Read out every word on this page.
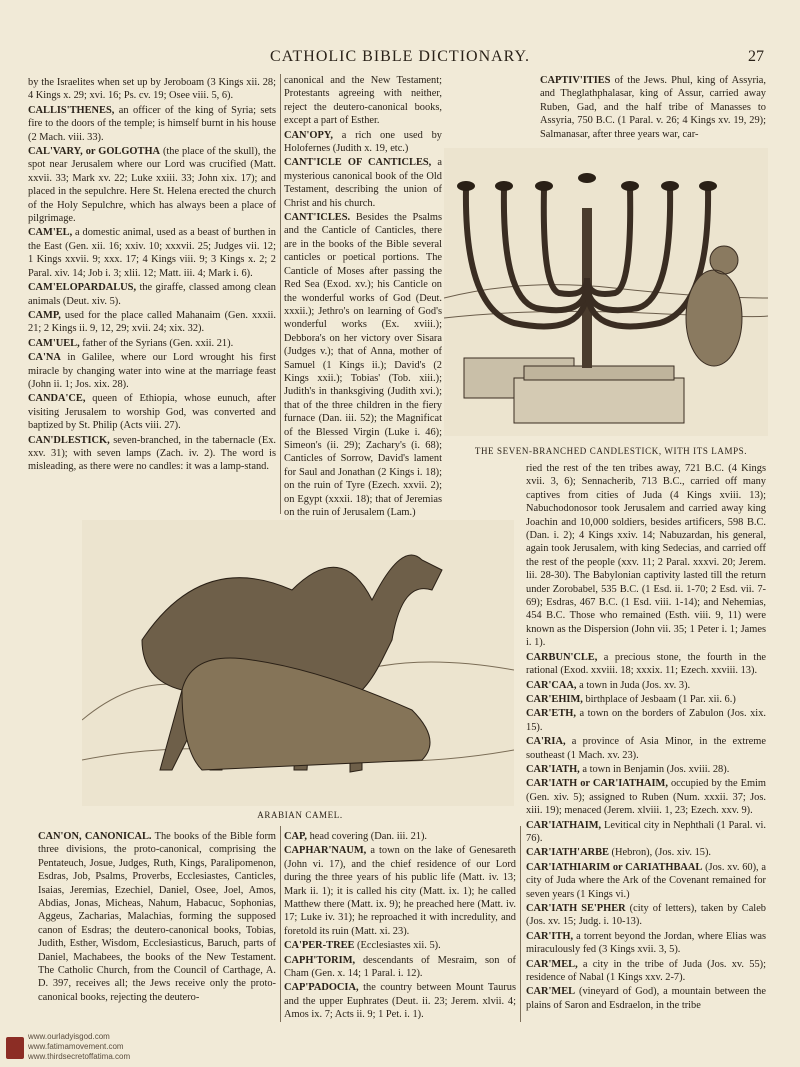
CATHOLIC BIBLE DICTIONARY.	27

by the Israelites when set up by Jeroboam (3 Kings xii. 28; 4 Kings x. 29; xvi. 16; Ps. cv. 19; Osee viii. 5, 6).

CALLIS'THENES, an officer of the king of Syria; sets fire to the doors of the temple; is himself burnt in his house (2 Mach. viii. 33).

CAL'VARY, or GOLGOTHA (the place of the skull), the spot near Jerusalem where our Lord was crucified (Matt. xxvii. 33; Mark xv. 22; Luke xxiii. 33; John xix. 17); and placed in the sepulchre. Here St. Helena erected the church of the Holy Sepulchre, which has always been a place of pilgrimage.

CAM'EL, a domestic animal, used as a beast of burthen in the East (Gen. xii. 16; xxiv. 10; xxxvii. 25; Judges vii. 12; 1 Kings xxvii. 9; xxx. 17; 4 Kings viii. 9; 3 Kings x. 2; 2 Paral. xiv. 14; Job i. 3; xlii. 12; Matt. iii. 4; Mark i. 6).

CAM'ELOPARDALUS, the giraffe, classed among clean animals (Deut. xiv. 5).

CAMP, used for the place called Mahanaim (Gen. xxxii. 21; 2 Kings ii. 9, 12, 29; xvii. 24; xix. 32).

CAM'UEL, father of the Syrians (Gen. xxii. 21).

CA'NA in Galilee, where our Lord wrought his first miracle by changing water into wine at the marriage feast (John ii. 1; Jos. xix. 28).

CANDA'CE, queen of Ethiopia, whose eunuch, after visiting Jerusalem to worship God, was converted and baptized by St. Philip (Acts viii. 27).

CAN'DLESTICK, seven-branched, in the tabernacle (Ex. xxv. 31); with seven lamps (Zach. iv. 2). The word is misleading, as there were no candles: it was a lamp-stand.

canonical and the New Testament; Protestants agreeing with neither, reject the deutero-canonical books, except a part of Esther.

CAN'OPY, a rich one used by Holofernes (Judith x. 19, etc.)

CANT'ICLE OF CANTICLES, a mysterious canonical book of the Old Testament, describing the union of Christ and his church.

CANT'ICLES. Besides the Psalms and the Canticle of Canticles, there are in the books of the Bible several canticles or poetical portions. The Canticle of Moses after passing the Red Sea (Exod. xv.); his Canticle on the wonderful works of God (Deut. xxxii.); Jethro's on learning of God's wonderful works (Ex. xviii.); Debbora's on her victory over Sisara (Judges v.); that of Anna, mother of Samuel (1 Kings ii.); David's (2 Kings xxii.); Tobias' (Tob. xiii.); Judith's in thanksgiving (Judith xvi.); that of the three children in the fiery furnace (Dan. iii. 52); the Magnificat of the Blessed Virgin (Luke i. 46); Simeon's (ii. 29); Zachary's (i. 68); Canticles of Sorrow, David's lament for Saul and Jonathan (2 Kings i. 18); on the ruin of Tyre (Ezech. xxvii. 2); on Egypt (xxxii. 18); that of Jeremias on the ruin of Jerusalem (Lam.)

CAPTIV'ITIES of the Jews. Phul, king of Assyria, and Theglathphalasar, king of Assur, carried away Ruben, Gad, and the half tribe of Manasses to Assyria, 750 B.C. (1 Paral. v. 26; 4 Kings xv. 19, 29); Salmanasar, after three years war, car-

ried the rest of the ten tribes away, 721 B.C. (4 Kings xvii. 3, 6); Sennacherib, 713 B.C., carried off many captives from cities of Juda (4 Kings xviii. 13); Nabuchodonosor took Jerusalem and carried away king Joachin and 10,000 soldiers, besides artificers, 598 B.C. (Dan. i. 2); 4 Kings xxiv. 14; Nabuzardan, his general, again took Jerusalem, with king Sedecias, and carried off the rest of the people (xxv. 11; 2 Paral. xxxvi. 20; Jerem. lii. 28-30). The Babylonian captivity lasted till the return under Zorobabel, 535 B.C. (1 Esd. ii. 1-70; 2 Esd. vii. 7-69); Esdras, 467 B.C. (1 Esd. viii. 1-14); and Nehemias, 454 B.C. Those who remained (Esth. viii. 9, 11) were known as the Dispersion (John vii. 35; 1 Peter i. 1; James i. 1).

CARBUN'CLE, a precious stone, the fourth in the rational (Exod. xxviii. 18; xxxix. 11; Ezech. xxviii. 13).

CAR'CAA, a town in Juda (Jos. xv. 3).

CAR'EHIM, birthplace of Jesbaam (1 Par. xii. 6.)

CAR'ETH, a town on the borders of Zabulon (Jos. xix. 15).

CA'RIA, a province of Asia Minor, in the extreme southeast (1 Mach. xv. 23).

CAR'IATH, a town in Benjamin (Jos. xviii. 28).

CAR'IATH or CAR'IATHAIM, occupied by the Emim (Gen. xiv. 5); assigned to Ruben (Num. xxxii. 37; Jos. xiii. 19); menaced (Jerem. xlviii. 1, 23; Ezech. xxv. 9).

CAR'IATHAIM, Levitical city in Nephthali (1 Paral. vi. 76).

CAR'IATH'ARBE (Hebron), (Jos. xiv. 15).

CAR'IATHIARIM or CARIATHBAAL (Jos. xv. 60), a city of Juda where the Ark of the Covenant remained for seven years (1 Kings vi.)

CAR'IATH SE'PHER (city of letters), taken by Caleb (Jos. xv. 15; Judg. i. 10-13).

CAR'ITH, a torrent beyond the Jordan, where Elias was miraculously fed (3 Kings xvii. 3, 5).

CAR'MEL, a city in the tribe of Juda (Jos. xv. 55); residence of Nabal (1 Kings xxv. 2-7).

CAR'MEL (vineyard of God), a mountain between the plains of Saron and Esdraelon, in the tribe

CAN'ON, CANONICAL. The books of the Bible form three divisions, the proto-canonical, comprising the Pentateuch, Josue, Judges, Ruth, Kings, Paralipomenon, Esdras, Job, Psalms, Proverbs, Ecclesiastes, Canticles, Isaias, Jeremias, Ezechiel, Daniel, Osee, Joel, Amos, Abdias, Jonas, Micheas, Nahum, Habacuc, Sophonias, Aggeus, Zacharias, Malachias, forming the supposed canon of Esdras; the deutero-canonical books, Tobias, Judith, Esther, Wisdom, Ecclesiasticus, Baruch, parts of Daniel, Machabees, the books of the New Testament. The Catholic Church, from the Council of Carthage, A. D. 397, receives all; the Jews receive only the proto-canonical books, rejecting the deutero-

CAP, head covering (Dan. iii. 21).

CAPHAR'NAUM, a town on the lake of Genesareth (John vi. 17), and the chief residence of our Lord during the three years of his public life (Matt. iv. 13; Mark ii. 1); it is called his city (Matt. ix. 1); he called Matthew there (Matt. ix. 9); he preached here (Matt. iv. 17; Luke iv. 31); he reproached it with incredulity, and foretold its ruin (Matt. xi. 23).

CA'PER-TREE (Ecclesiastes xii. 5).

CAPH'TORIM, descendants of Mesraim, son of Cham (Gen. x. 14; 1 Paral. i. 12).

CAP'PADOCIA, the country between Mount Taurus and the upper Euphrates (Deut. ii. 23; Jerem. xlvii. 4; Amos ix. 7; Acts ii. 9; 1 Pet. i. 1).

THE SEVEN-BRANCHED CANDLESTICK, WITH ITS LAMPS.
ARABIAN CAMEL.
www.ourladyisgod.com
www.fatimamovement.com
www.thirdsecretoffatima.com
